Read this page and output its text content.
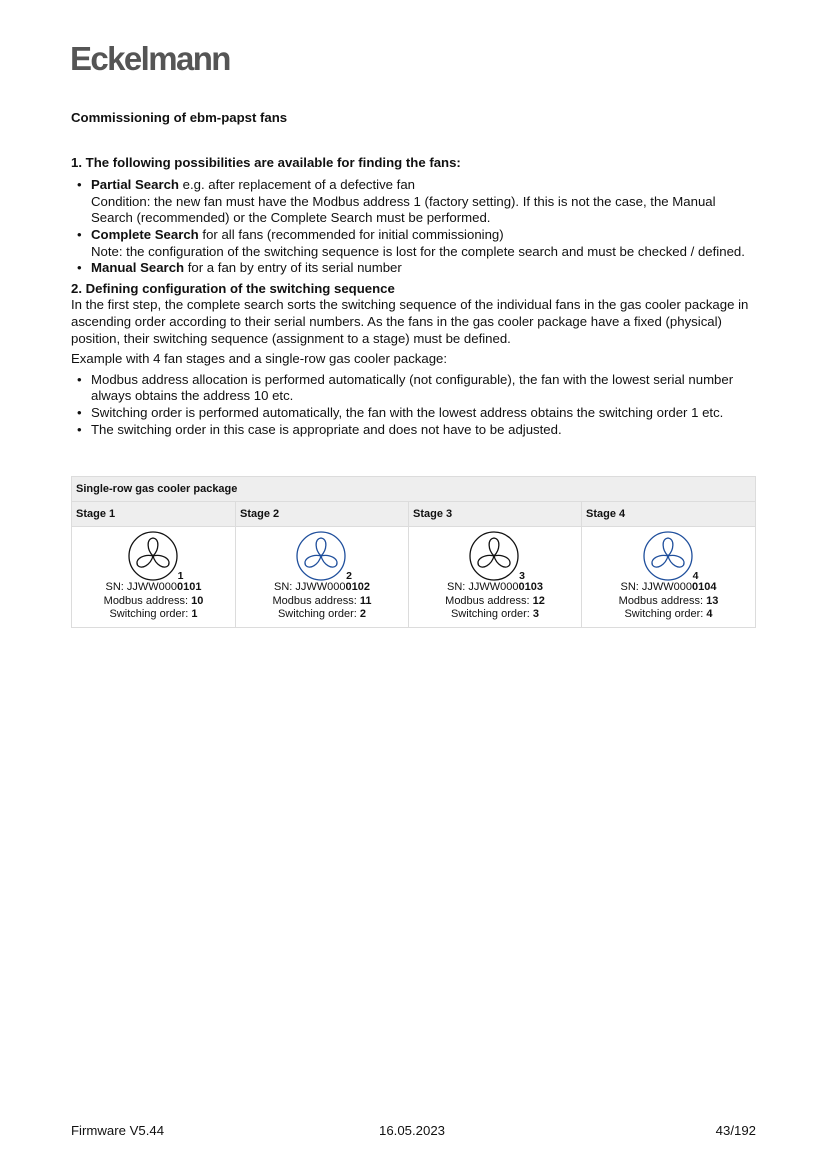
Eckelmann

Commissioning of ebm-papst fans

1. The following possibilities are available for finding the fans:

• Partial Search e.g. after replacement of a defective fan
Condition: the new fan must have the Modbus address 1 (factory setting). If this is not the case, the Manual Search (recommended) or the Complete Search must be performed.
• Complete Search for all fans (recommended for initial commissioning)
Note: the configuration of the switching sequence is lost for the complete search and must be checked / defined.
• Manual Search for a fan by entry of its serial number

2. Defining configuration of the switching sequence

In the first step, the complete search sorts the switching sequence of the individual fans in the gas cooler package in ascending order according to their serial numbers. As the fans in the gas cooler package have a fixed (physical) position, their switching sequence (assignment to a stage) must be defined.

Example with 4 fan stages and a single-row gas cooler package:

• Modbus address allocation is performed automatically (not configurable), the fan with the lowest serial number always obtains the address 10 etc.
• Switching order is performed automatically, the fan with the lowest address obtains the switching order 1 etc.
• The switching order in this case is appropriate and does not have to be adjusted.
Single-row gas cooler package			
Stage 1	Stage 2	Stage 3	Stage 4

1
SN: JJWW0000101
Modbus address: 10
Switching order: 1	2
SN: JJWW0000102
Modbus address: 11
Switching order: 2	3
SN: JJWW0000103
Modbus address: 12
Switching order: 3	4
SN: JJWW0000104
Modbus address: 13
Switching order: 4
Firmware V5.44	16.05.2023	43/192
